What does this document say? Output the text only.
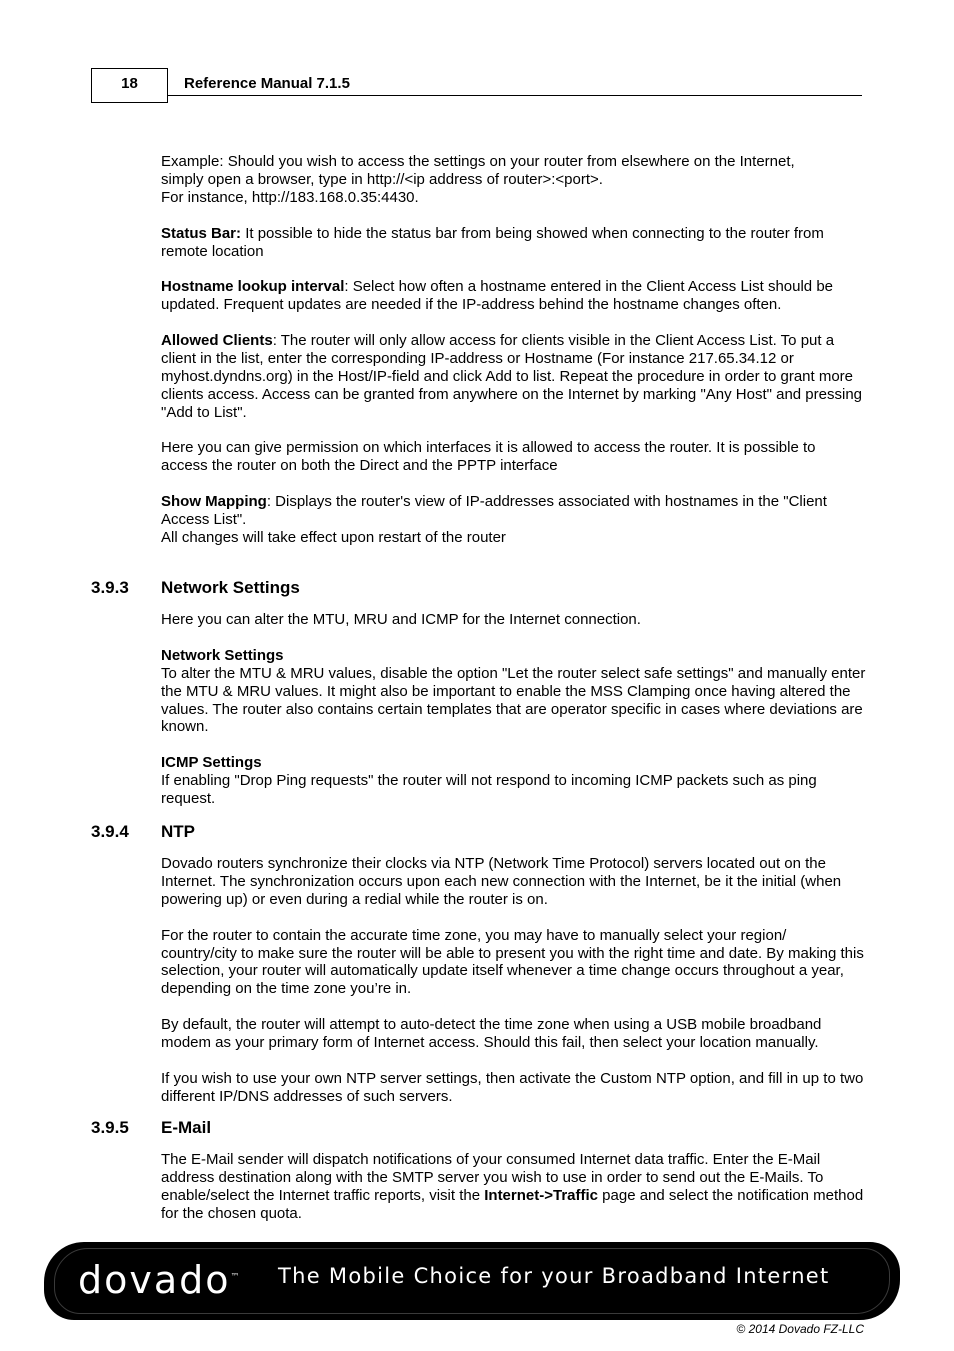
18	Reference Manual 7.1.5

Example: Should you wish to access the settings on your router from elsewhere on the Internet,
simply open a browser, type in http://<ip address of router>:<port>.
For instance, http://183.168.0.35:4430.

Status Bar: It possible to hide the status bar from being showed when connecting to the router from remote location

Hostname lookup interval: Select how often a hostname entered in the Client Access List should be updated. Frequent updates are needed if the IP-address behind the hostname changes often.

Allowed Clients: The router will only allow access for clients visible in the Client Access List. To put a client in the list, enter the corresponding IP-address or Hostname (For instance 217.65.34.12 or myhost.dyndns.org) in the Host/IP-field and click Add to list. Repeat the procedure in order to grant more clients access. Access can be granted from anywhere on the Internet by marking "Any Host" and pressing "Add to List".

Here you can give permission on which interfaces it is allowed to access the router. It is possible to access the router on both the Direct and the PPTP interface

Show Mapping: Displays the router's view of IP-addresses associated with hostnames in the "Client Access List".

All changes will take effect upon restart of the router

3.9.3 Network Settings

Here you can alter the MTU, MRU and ICMP for the Internet connection.

Network Settings

To alter the MTU & MRU values, disable the option "Let the router select safe settings" and manually enter the MTU & MRU values. It might also be important to enable the MSS Clamping once having altered the values. The router also contains certain templates that are operator specific in cases where deviations are known.

ICMP Settings

If enabling "Drop Ping requests" the router will not respond to incoming ICMP packets such as ping request.

3.9.4 NTP

Dovado routers synchronize their clocks via NTP (Network Time Protocol) servers located out on the Internet. The synchronization occurs upon each new connection with the Internet, be it the initial (when powering up) or even during a redial while the router is on.

For the router to contain the accurate time zone, you may have to manually select your region/ country/city to make sure the router will be able to present you with the right time and date. By making this selection, your router will automatically update itself whenever a time change occurs throughout a year, depending on the time zone you’re in.

By default, the router will attempt to auto-detect the time zone when using a USB mobile broadband modem as your primary form of Internet access. Should this fail, then select your location manually.

If you wish to use your own NTP server settings, then activate the Custom NTP option, and fill in up to two different IP/DNS addresses of such servers.

3.9.5 E-Mail

The E-Mail sender will dispatch notifications of your consumed Internet data traffic. Enter the E-Mail address destination along with the SMTP server you wish to use in order to send out the E-Mails. To enable/select the Internet traffic reports, visit the Internet->Traffic page and select the notification method for the chosen quota.

dovado™ The Mobile Choice for your Broadband Internet
© 2014 Dovado FZ-LLC
